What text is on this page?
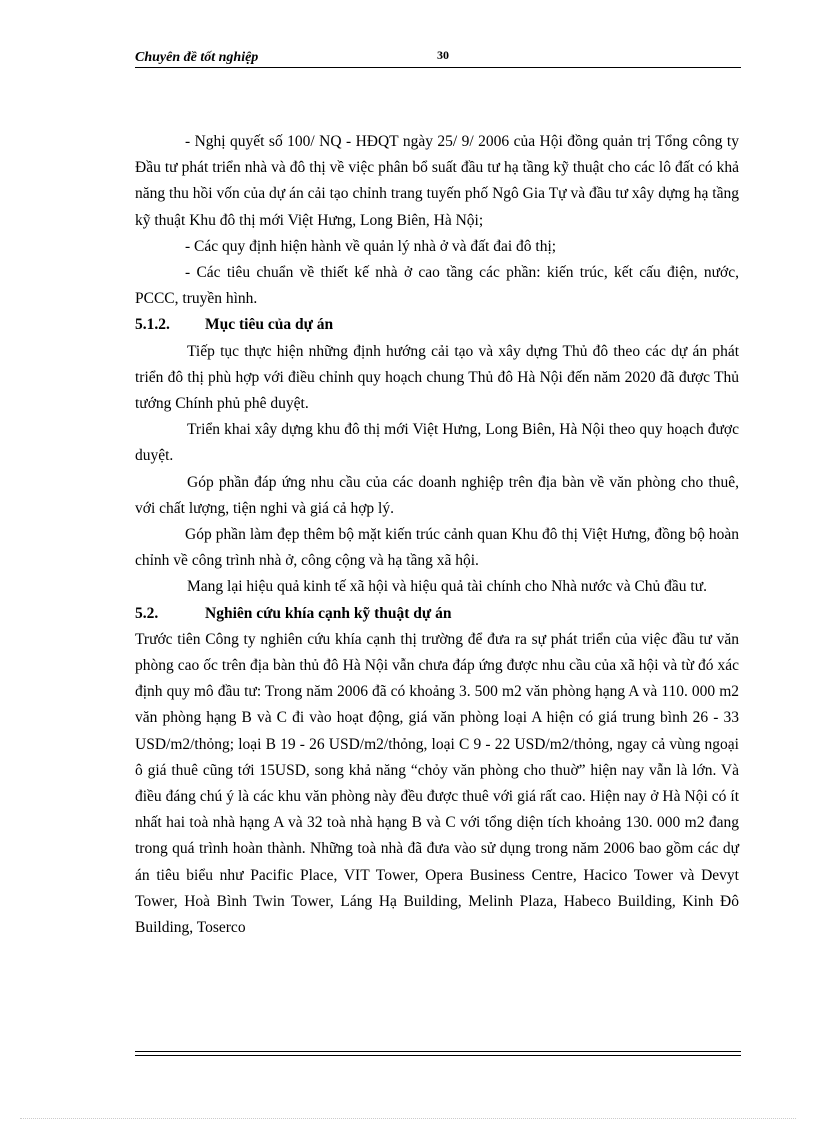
Chuyên đề tốt nghiệp	30

- Nghị quyết số 100/ NQ - HĐQT ngày 25/ 9/ 2006 của Hội đồng quản trị Tổng công ty Đầu tư phát triển nhà và đô thị về việc phân bổ suất đầu tư hạ tầng kỹ thuật cho các lô đất có khả năng thu hồi vốn của dự án cải tạo chỉnh trang tuyến phố Ngô Gia Tự và đầu tư xây dựng hạ tầng kỹ thuật Khu đô thị mới Việt Hưng, Long Biên, Hà Nội;

- Các quy định hiện hành về quản lý nhà ở và đất đai đô thị;

- Các tiêu chuẩn về thiết kế nhà ở cao tầng các phần: kiến trúc, kết cấu điện, nước, PCCC, truyền hình.

5.1.2. Mục tiêu của dự án

Tiếp tục thực hiện những định hướng cải tạo và xây dựng Thủ đô theo các dự án phát triển đô thị phù hợp với điều chỉnh quy hoạch chung Thủ đô Hà Nội đến năm 2020 đã được Thủ tướng Chính phủ phê duyệt.

Triển khai xây dựng khu đô thị mới Việt Hưng, Long Biên, Hà Nội theo quy hoạch được duyệt.

Góp phần đáp ứng nhu cầu của các doanh nghiệp trên địa bàn về văn phòng cho thuê, với chất lượng, tiện nghi và giá cả hợp lý.

Góp phần làm đẹp thêm bộ mặt kiến trúc cảnh quan Khu đô thị Việt Hưng, đồng bộ hoàn chỉnh về công trình nhà ở, công cộng và hạ tầng xã hội.

Mang lại hiệu quả kinh tế xã hội và hiệu quả tài chính cho Nhà nước và Chủ đầu tư.

5.2.	Nghiên cứu khía cạnh kỹ thuật dự án

Trước tiên Công ty nghiên cứu khía cạnh thị trường để đưa ra sự phát triển của việc đầu tư văn phòng cao ốc trên địa bàn thủ đô Hà Nội vẫn chưa đáp ứng được nhu cầu của xã hội và từ đó xác định quy mô đầu tư: Trong năm 2006 đã có khoảng 3. 500 m2 văn phòng hạng A và 110. 000 m2 văn phòng hạng B và C đi vào hoạt động, giá văn phòng loại A hiện có giá trung bình 26 - 33 USD/m2/thỏng; loại B 19 - 26 USD/m2/thỏng, loại C 9 - 22 USD/m2/thỏng, ngay cả vùng ngoại ô giá thuê cũng tới 15USD, song khả năng “chỏy văn phòng cho thuờ” hiện nay vẫn là lớn. Và điều đáng chú ý là các khu văn phòng này đều được thuê với giá rất cao. Hiện nay ở Hà Nội có ít nhất hai toà nhà hạng A và 32 toà nhà hạng B và C với tổng diện tích khoảng 130. 000 m2 đang trong quá trình hoàn thành. Những toà nhà đã đưa vào sử dụng trong năm 2006 bao gồm các dự án tiêu biểu như Pacific Place, VIT Tower, Opera Business Centre, Hacico Tower và Devyt Tower, Hoà Bình Twin Tower, Láng Hạ Building, Melinh Plaza, Habeco Building, Kinh Đô Building, Toserco
